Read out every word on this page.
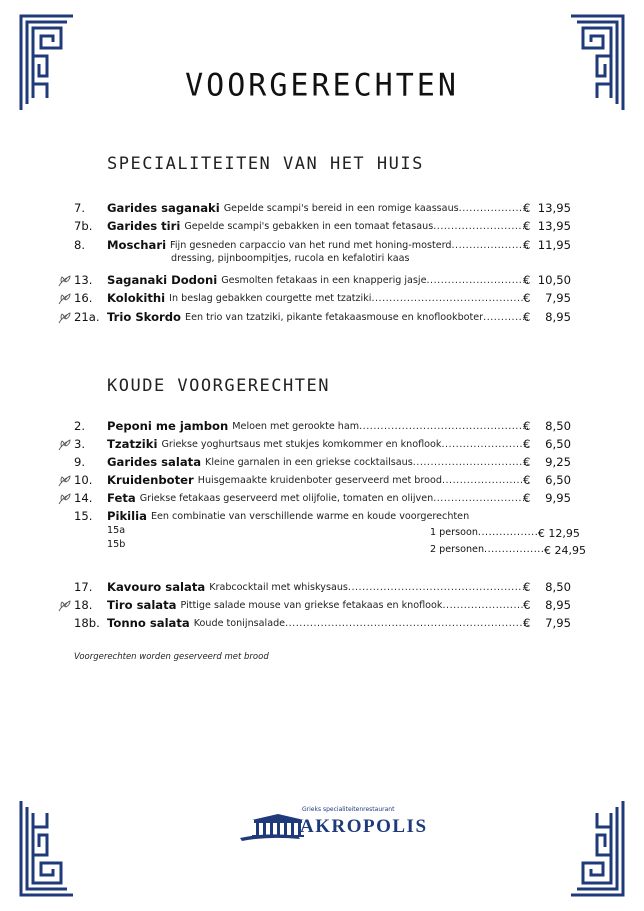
VOORGERECHTEN
SPECIALITEITEN VAN HET HUIS
KOUDE VOORGERECHTEN
7.	Garides saganaki Gepelde scampi's bereid in een romige kaassaus .....	€ 13,95
7b.	Garides tiri Gepelde scampi's gebakken in een tomaat fetasaus .....	€ 13,95
8.	Moschari Fijn gesneden carpaccio van het rund met honing-mosterd .....	€ 11,95
13.	Saganaki Dodoni Gesmolten fetakaas in een knapperig jasje .....	€ 10,50
16.	Kolokithi In beslag gebakken courgette met tzatziki .....	€ 7,95
21a. Trio Skordo Een trio van tzatziki, pikante fetakaasmouse en knoflookboter .....	€ 8,95
2.	Peponi me jambon Meloen met gerookte ham .....	€ 8,50
3.	Tzatziki Griekse yoghurtsaus met stukjes komkommer en knoflook .....	€ 6,50
9.	Garides salata Kleine garnalen in een griekse cocktailsaus .....	€ 9,25
10.	Kruidenboter Huisgemaakte kruidenboter geserveerd met brood .....	€ 6,50
14.	Feta Griekse fetakaas geserveerd met olijfolie, tomaten en olijven .....	€ 9,95
15.	Pikilia Een combinatie van verschillende warme en koude voorgerechten
17.	Kavouro salata Krabcocktail met whiskysaus .....	€ 8,50
18.	Tiro salata Pittige salade mouse van griekse fetakaas en knoflook .....	€ 8,95
18b. Tonno salata Koude tonijnsalade .....	€ 7,95
Voorgerechten worden geserveerd met brood
Grieks specialiteitenrestaurant
AKROPOLIS
dressing, pijnboompitjes, rucola en kefalotiri kaas
15a	1 persoon .....	€ 12,95
15b	2 personen .....	€ 24,95
